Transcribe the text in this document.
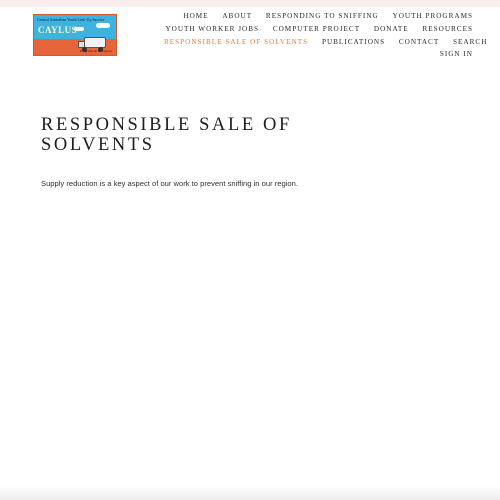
Central Australian Youth Link-Up Service
CAYLUS
Programs & Resources
HOME ABOUT RESPONDING TO SNIFFING YOUTH PROGRAMS
YOUTH WORKER JOBS COMPUTER PROJECT DONATE RESOURCES
RESPONSIBLE SALE OF SOLVENTS PUBLICATIONS CONTACT SEARCH
SIGN IN
RESPONSIBLE SALE OF SOLVENTS

Supply reduction is a key aspect of our work to prevent sniffing in our region.
